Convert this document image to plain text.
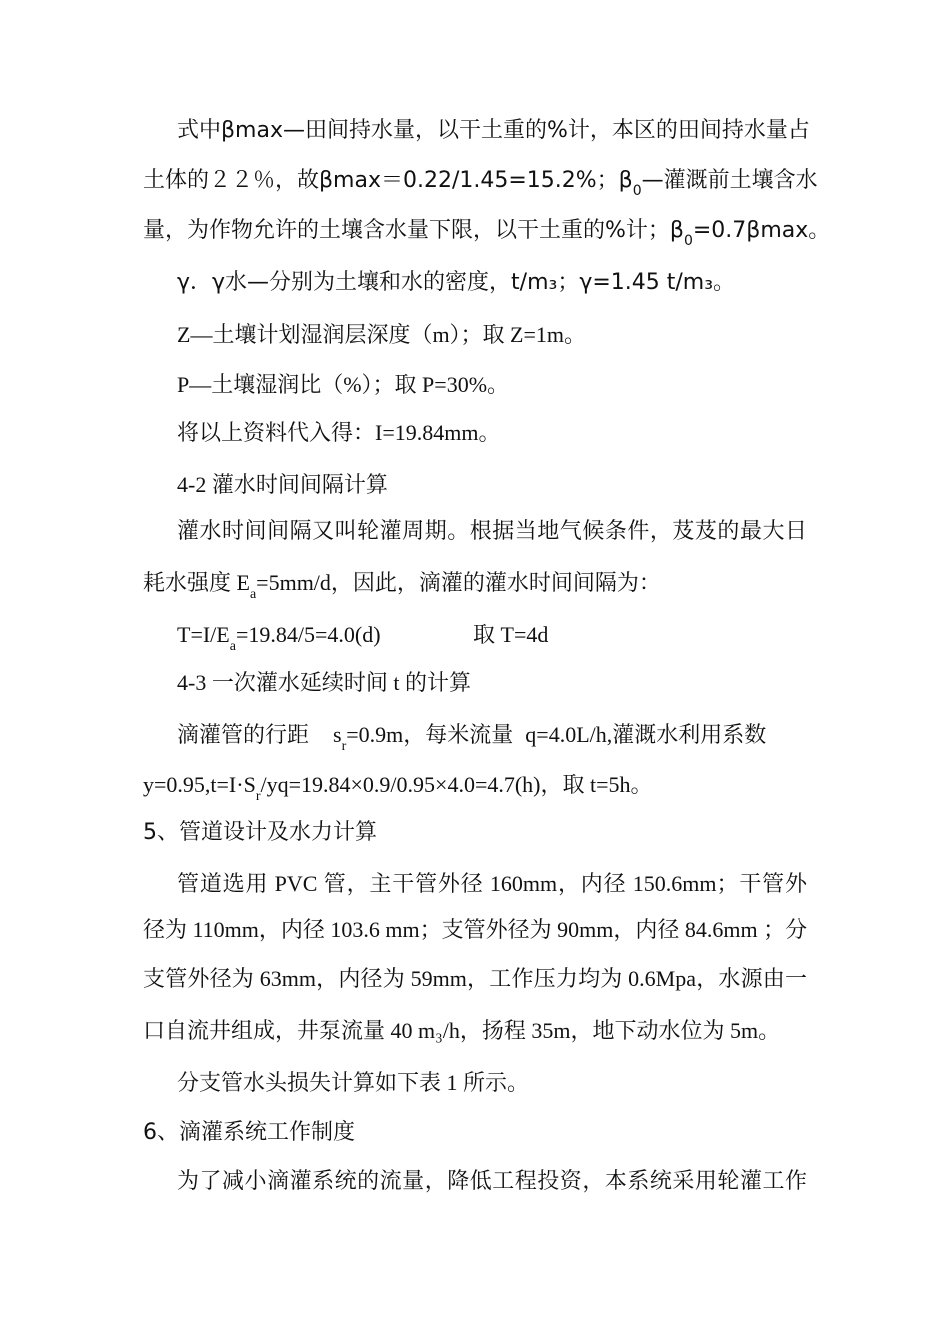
式中βmax—田间持水量，以干土重的%计，本区的田间持水量占
土体的２２％，故βmax＝0.22/1.45=15.2%；$\beta_0—$灌溉前土壤含水
量，为作物允许的土壤含水量下限，以干土重的%计；$\beta_0=0.7\beta\max$。
γ．γ水—分别为土壤和水的密度，t/m₃；γ=1.45 t/m₃。
Z—土壤计划湿润层深度（m）；取 Z=1m。
P—土壤湿润比（%）；取 P=30%。
将以上资料代入得：I=19.84mm。
4-2 灌水时间间隔计算
灌水时间间隔又叫轮灌周期。根据当地气候条件，芨芨的最大日
耗水强度 $E_a=5mm/d$，因此，滴灌的灌水时间间隔为：
$T=I/E_a=19.84/5=4.0(d)$	取 T=4d
4-3 一次灌水延续时间 t 的计算
滴灌管的行距 $s_r=0.9m$，每米流量 q=4.0L/h,灌溉水利用系数
$y=0.95,t=I\cdot S_r/yq=19.84\times 0.9/0.95\times 4.0=4.7(h)$，取 t=5h。
5、管道设计及水力计算
管道选用 PVC 管，主干管外径 160mm，内径 150.6mm；干管外
径为 110mm，内径 103.6 mm；支管外径为 90mm，内径 84.6mm ；分
支管外径为 63mm，内径为 59mm，工作压力均为 0.6Mpa，水源由一
口自流井组成，井泵流量 40 m₃/h，扬程 35m，地下动水位为 5m。
分支管水头损失计算如下表 1 所示。
6、滴灌系统工作制度
为了减小滴灌系统的流量，降低工程投资，本系统采用轮灌工作
